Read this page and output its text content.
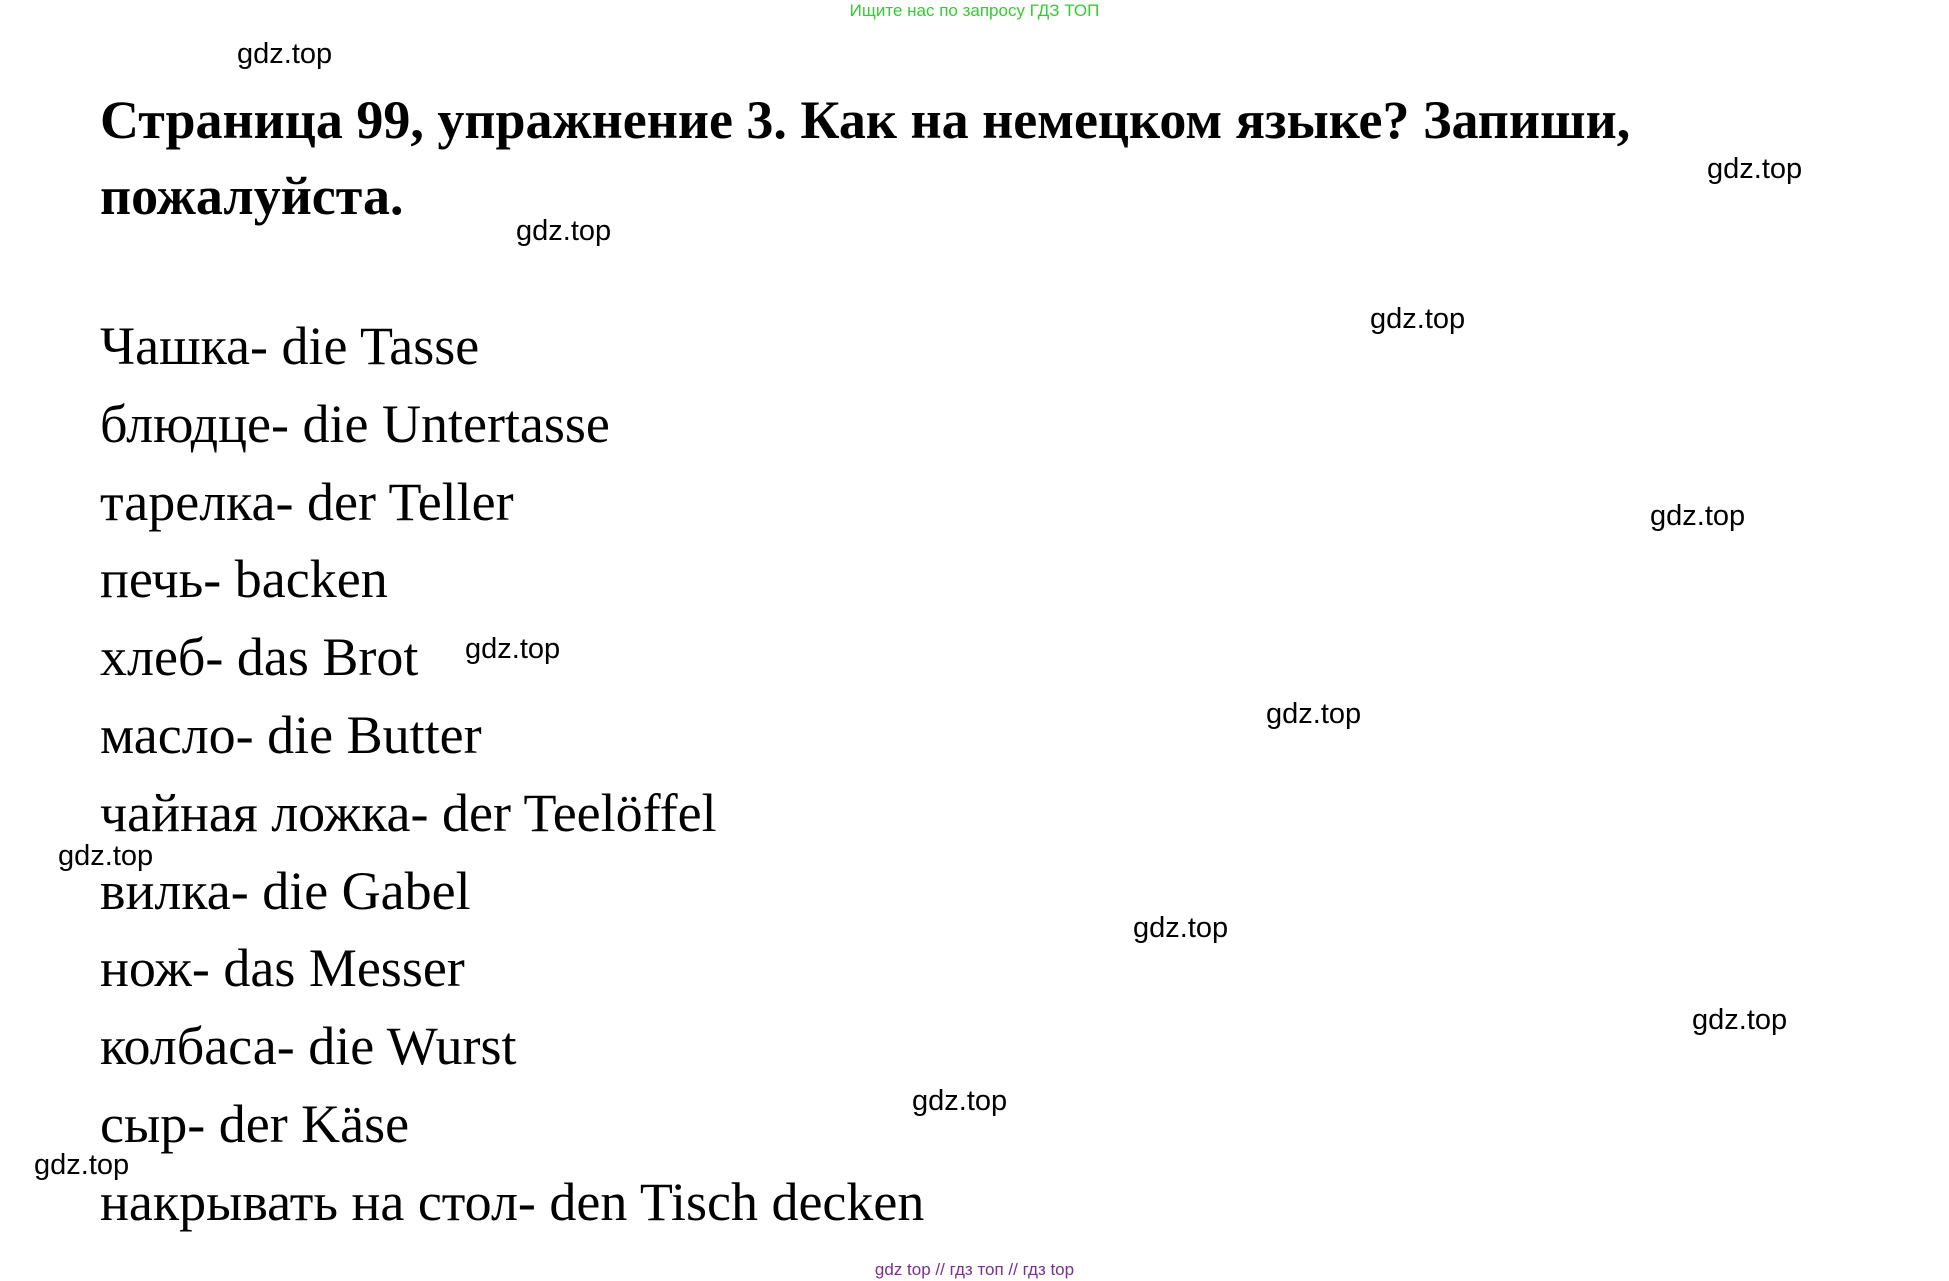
Ищите нас по запросу ГДЗ ТОП
Страница 99, упражнение 3. Как на немецком языке? Запиши, пожалуйста.
Чашка- die Tasse
блюдце- die Untertasse
тарелка- der Teller
печь- backen
хлеб- das Brot
масло- die Butter
чайная ложка- der Teelöffel
вилка- die Gabel
нож- das Messer
колбаса- die Wurst
сыр- der Käse
накрывать на стол- den Tisch decken
gdz.top
gdz.top
gdz.top
gdz.top
gdz.top
gdz.top
gdz.top
gdz.top
gdz.top
gdz.top
gdz.top
gdz.top
gdz top // гдз топ // гдз top
